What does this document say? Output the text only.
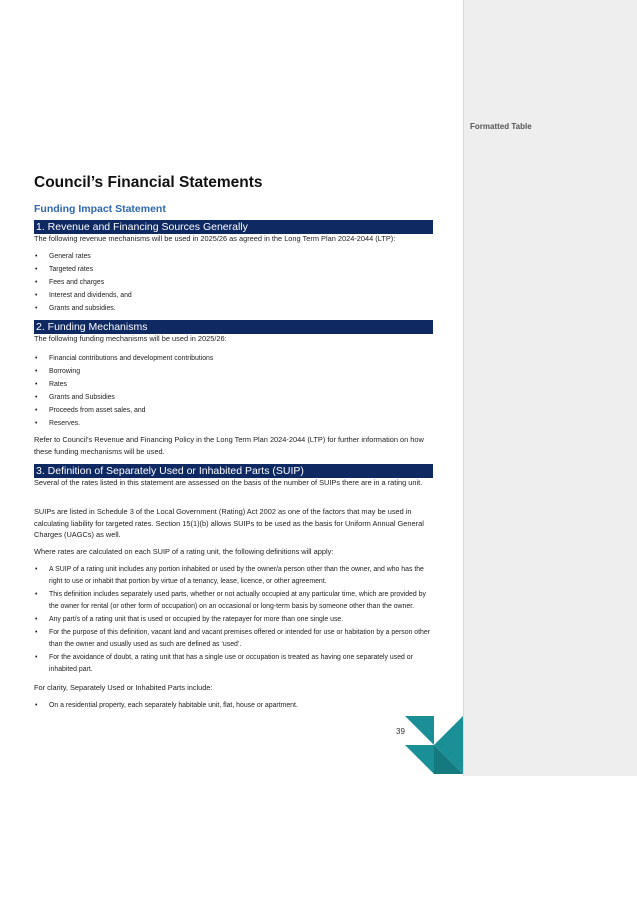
Formatted Table
Council’s Financial Statements
Funding Impact Statement
1. Revenue and Financing Sources Generally

The following revenue mechanisms will be used in 2025/26 as agreed in the Long Term Plan 2024-2044 (LTP):

• General rates
• Targeted rates
• Fees and charges
• Interest and dividends, and
• Grants and subsidies.
2. Funding Mechanisms

The following funding mechanisms will be used in 2025/26:

• Financial contributions and development contributions
• Borrowing
• Rates
• Grants and Subsidies
• Proceeds from asset sales, and
• Reserves.

Refer to Council’s Revenue and Financing Policy in the Long Term Plan 2024-2044 (LTP) for further information on how these funding mechanisms will be used.

3. Definition of Separately Used or Inhabited Parts (SUIP)

Several of the rates listed in this statement are assessed on the basis of the number of SUIPs there are in a rating unit.

SUIPs are listed in Schedule 3 of the Local Government (Rating) Act 2002 as one of the factors that may be used in calculating liability for targeted rates. Section 15(1)(b) allows SUIPs to be used as the basis for Uniform Annual General Charges (UAGCs) as well.

Where rates are calculated on each SUIP of a rating unit, the following definitions will apply:

• A SUIP of a rating unit includes any portion inhabited or used by the owner/a person other than the owner, and who has the right to use or inhabit that portion by virtue of a tenancy, lease, licence, or other agreement.
• This definition includes separately used parts, whether or not actually occupied at any particular time, which are provided by the owner for rental (or other form of occupation) on an occasional or long-term basis by someone other than the owner.
• Any part/s of a rating unit that is used or occupied by the ratepayer for more than one single use.
• For the purpose of this definition, vacant land and vacant premises offered or intended for use or habitation by a person other than the owner and usually used as such are defined as ‘used’.
• For the avoidance of doubt, a rating unit that has a single use or occupation is treated as having one separately used or inhabited part.

For clarity, Separately Used or Inhabited Parts include:

• On a residential property, each separately habitable unit, flat, house or apartment.
39
